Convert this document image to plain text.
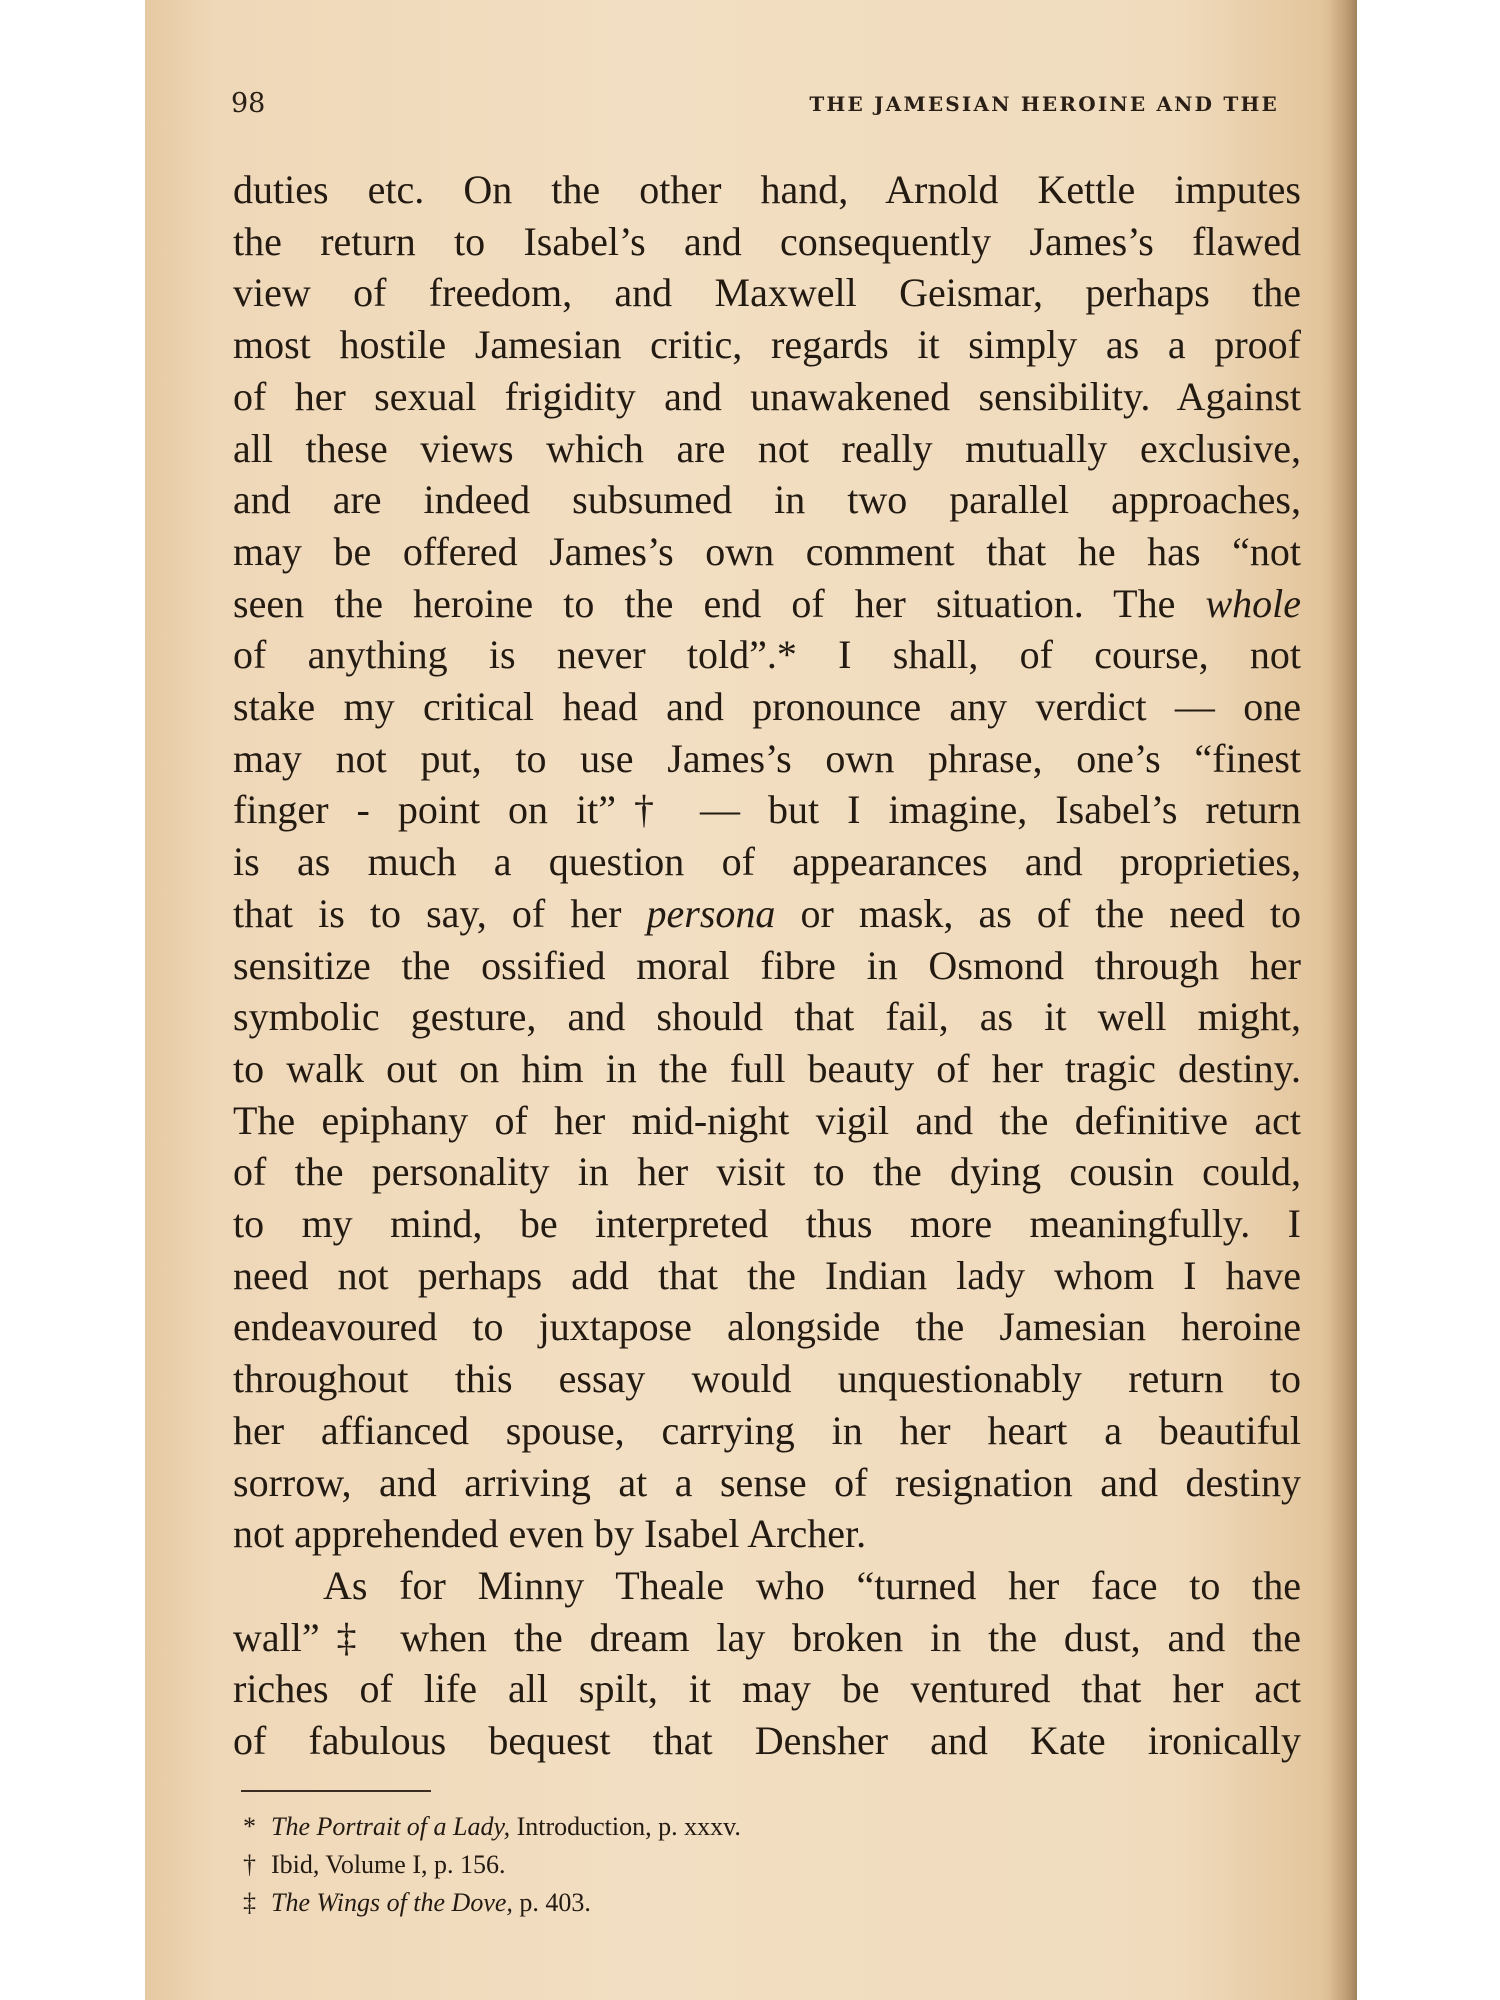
98	THE JAMESIAN HEROINE AND THE
duties etc. On the other hand, Arnold Kettle imputes
the return to Isabel’s and consequently James’s flawed
view of freedom, and Maxwell Geismar, perhaps the
most hostile Jamesian critic, regards it simply as a proof
of her sexual frigidity and unawakened sensibility. Against
all these views which are not really mutually exclusive,
and are indeed subsumed in two parallel approaches,
may be offered James’s own comment that he has “not
seen the heroine to the end of her situation. The whole
of anything is never told”.* I shall, of course, not
stake my critical head and pronounce any verdict — one
may not put, to use James’s own phrase, one’s “finest
finger - point on it”† — but I imagine, Isabel’s return
is as much a question of appearances and proprieties,
that is to say, of her persona or mask, as of the need to
sensitize the ossified moral fibre in Osmond through her
symbolic gesture, and should that fail, as it well might,
to walk out on him in the full beauty of her tragic destiny.
The epiphany of her mid-night vigil and the definitive act
of the personality in her visit to the dying cousin could,
to my mind, be interpreted thus more meaningfully. I
need not perhaps add that the Indian lady whom I have
endeavoured to juxtapose alongside the Jamesian heroine
throughout this essay would unquestionably return to
her affianced spouse, carrying in her heart a beautiful
sorrow, and arriving at a sense of resignation and destiny
not apprehended even by Isabel Archer.
As for Minny Theale who “turned her face to the
wall”‡ when the dream lay broken in the dust, and the
riches of life all spilt, it may be ventured that her act
of fabulous bequest that Densher and Kate ironically
* The Portrait of a Lady, Introduction, p. xxxv.
† Ibid, Volume I, p. 156.
‡ The Wings of the Dove, p. 403.
